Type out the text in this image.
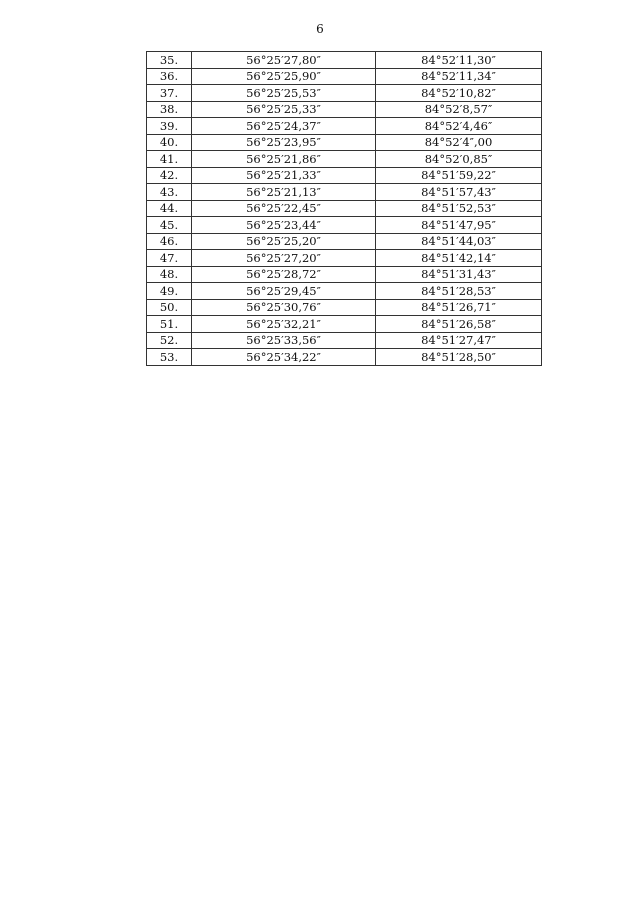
6
35.	56°25′27,80″	84°52′11,30″
36.	56°25′25,90″	84°52′11,34″
37.	56°25′25,53″	84°52′10,82″
38.	56°25′25,33″	84°52′8,57″
39.	56°25′24,37″	84°52′4,46″
40.	56°25′23,95″	84°52′4″,00
41.	56°25′21,86″	84°52′0,85″
42.	56°25′21,33″	84°51′59,22″
43.	56°25′21,13″	84°51′57,43″
44.	56°25′22,45″	84°51′52,53″
45.	56°25′23,44″	84°51′47,95″
46.	56°25′25,20″	84°51′44,03″
47.	56°25′27,20″	84°51′42,14″
48.	56°25′28,72″	84°51′31,43″
49.	56°25′29,45″	84°51′28,53″
50.	56°25′30,76″	84°51′26,71″
51.	56°25′32,21″	84°51′26,58″
52.	56°25′33,56″	84°51′27,47″
53.	56°25′34,22″	84°51′28,50″
